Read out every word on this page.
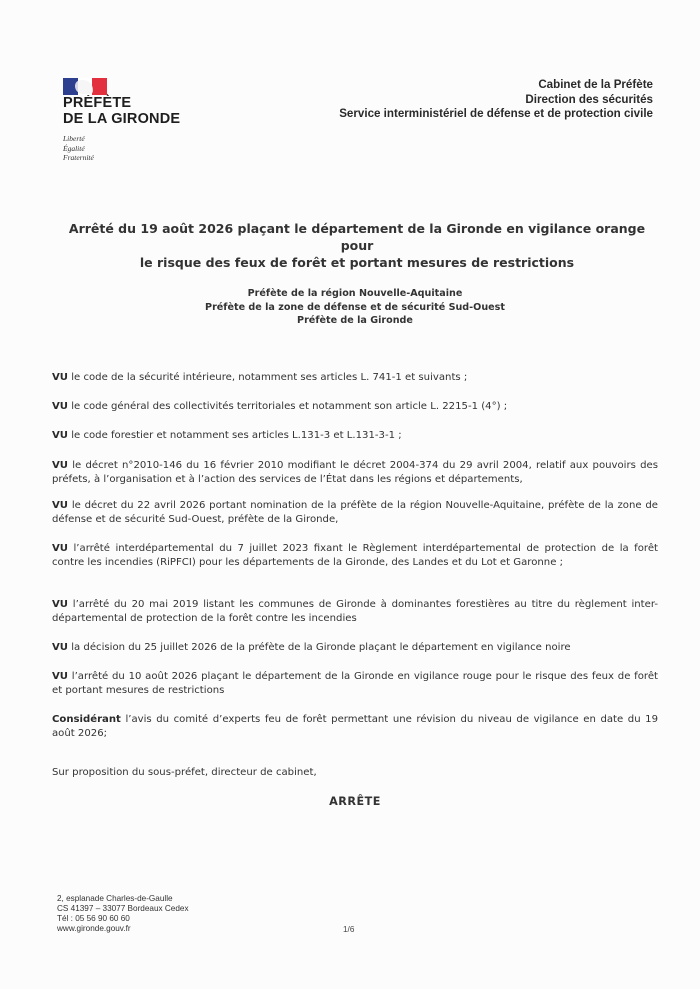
PRÉFÈTE
DE LA GIRONDE
Liberté
Égalité
Fraternité
Cabinet de la Préfète
Direction des sécurités
Service interministériel de défense et de protection civile
Arrêté du 19 août 2026 plaçant le département de la Gironde en vigilance orange pour
le risque des feux de forêt et portant mesures de restrictions
Préfète de la région Nouvelle-Aquitaine
Préfète de la zone de défense et de sécurité Sud-Ouest
Préfète de la Gironde

VU le code de la sécurité intérieure, notamment ses articles L. 741-1 et suivants ;

VU le code général des collectivités territoriales et notamment son article L. 2215-1 (4°) ;

VU le code forestier et notamment ses articles L.131-3 et L.131-3-1 ;

VU le décret n°2010-146 du 16 février 2010 modifiant le décret 2004-374 du 29 avril 2004, relatif aux pouvoirs des préfets, à l’organisation et à l’action des services de l’État dans les régions et départements,

VU le décret du 22 avril 2026 portant nomination de la préfète de la région Nouvelle-Aquitaine, préfète de la zone de défense et de sécurité Sud-Ouest, préfète de la Gironde,

VU l’arrêté interdépartemental du 7 juillet 2023 fixant le Règlement interdépartemental de protection de la forêt contre les incendies (RiPFCI) pour les départements de la Gironde, des Landes et du Lot et Garonne ;

VU l’arrêté du 20 mai 2019 listant les communes de Gironde à dominantes forestières au titre du règlement inter-départemental de protection de la forêt contre les incendies

VU la décision du 25 juillet 2026 de la préfète de la Gironde plaçant le département en vigilance noire

VU l’arrêté du 10 août 2026 plaçant le département de la Gironde en vigilance rouge pour le risque des feux de forêt et portant mesures de restrictions

Considérant l’avis du comité d’experts feu de forêt permettant une révision du niveau de vigilance en date du 19 août 2026;

Sur proposition du sous-préfet, directeur de cabinet,

ARRÊTE
2, esplanade Charles-de-Gaulle
CS 41397 – 33077 Bordeaux Cedex
Tél : 05 56 90 60 60
www.gironde.gouv.fr	1/6
